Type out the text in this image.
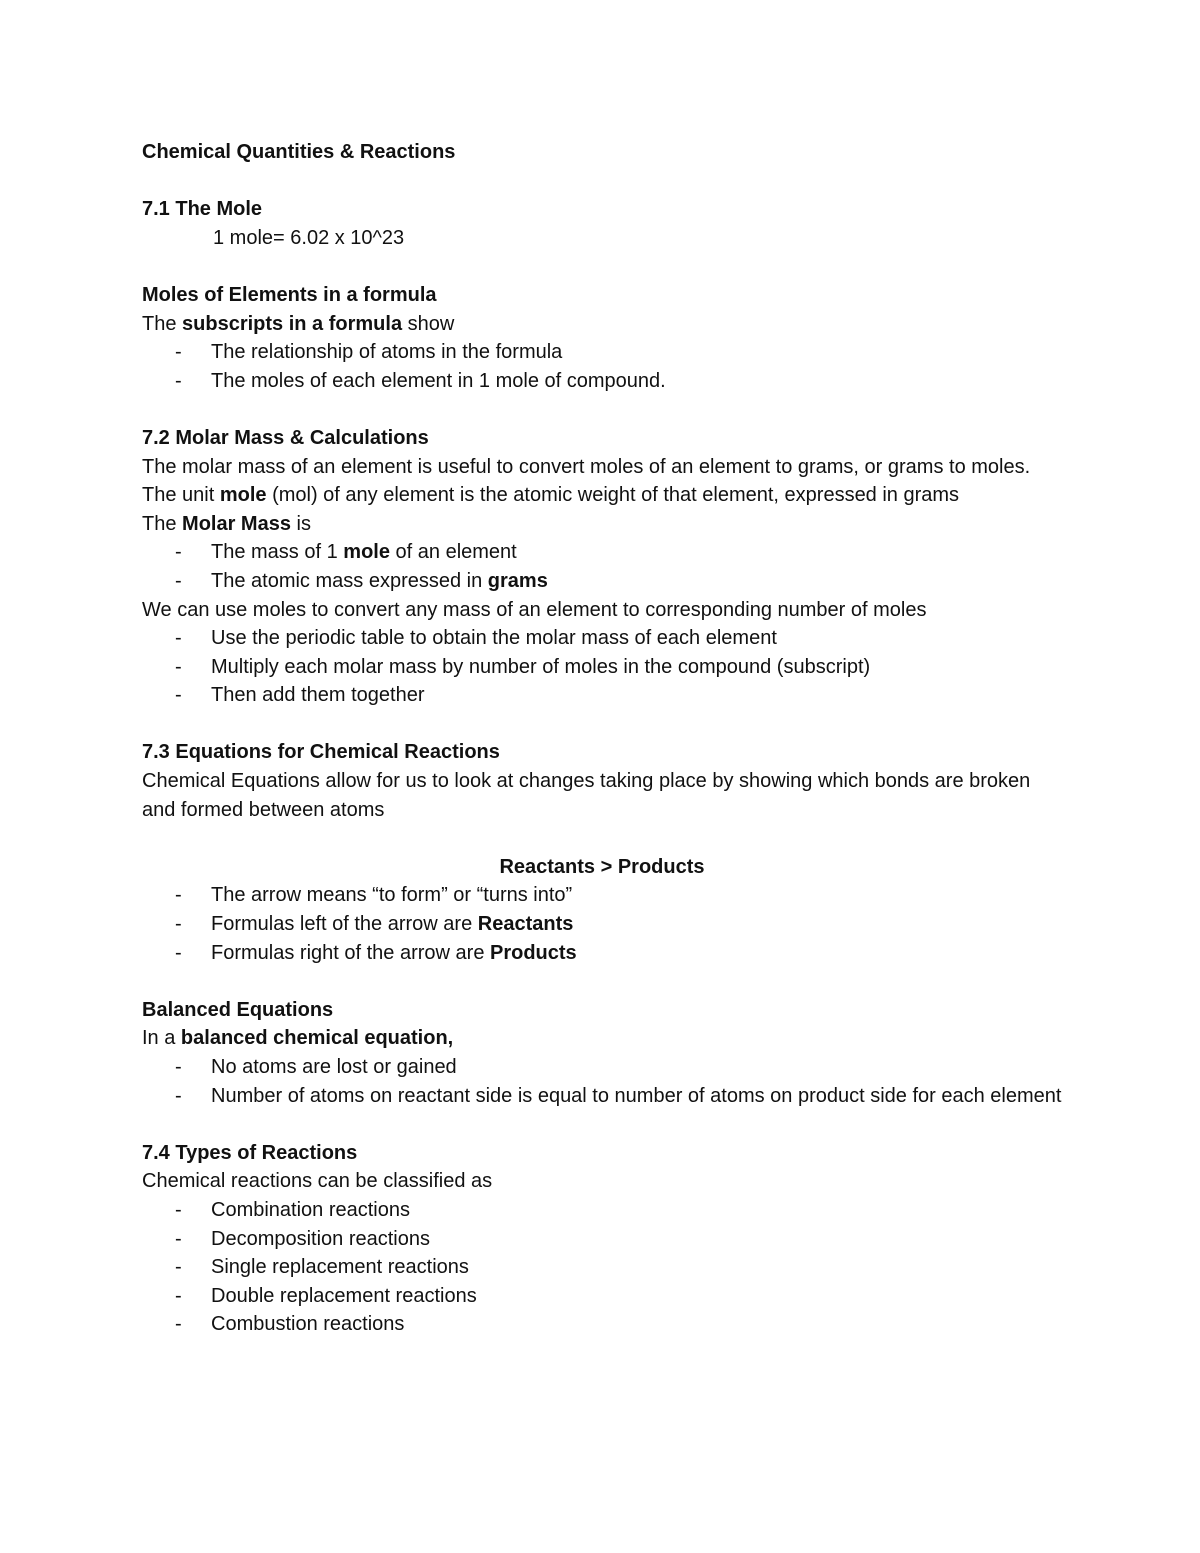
Chemical Quantities & Reactions
7.1 The Mole
1 mole= 6.02 x 10^23
Moles of Elements in a formula
The subscripts in a formula show
- The relationship of atoms in the formula
- The moles of each element in 1 mole of compound.
7.2 Molar Mass & Calculations
The molar mass of an element is useful to convert moles of an element to grams, or grams to moles.
The unit mole (mol) of any element is the atomic weight of that element, expressed in grams
The Molar Mass is
- The mass of 1 mole of an element
- The atomic mass expressed in grams
We can use moles to convert any mass of an element to corresponding number of moles
- Use the periodic table to obtain the molar mass of each element
- Multiply each molar mass by number of moles in the compound (subscript)
- Then add them together
7.3 Equations for Chemical Reactions
Chemical Equations allow for us to look at changes taking place by showing which bonds are broken and formed between atoms
Reactants > Products
- The arrow means “to form” or “turns into”
- Formulas left of the arrow are Reactants
- Formulas right of the arrow are Products
Balanced Equations
In a balanced chemical equation,
- No atoms are lost or gained
- Number of atoms on reactant side is equal to number of atoms on product side for each element
7.4 Types of Reactions
Chemical reactions can be classified as
- Combination reactions
- Decomposition reactions
- Single replacement reactions
- Double replacement reactions
- Combustion reactions
